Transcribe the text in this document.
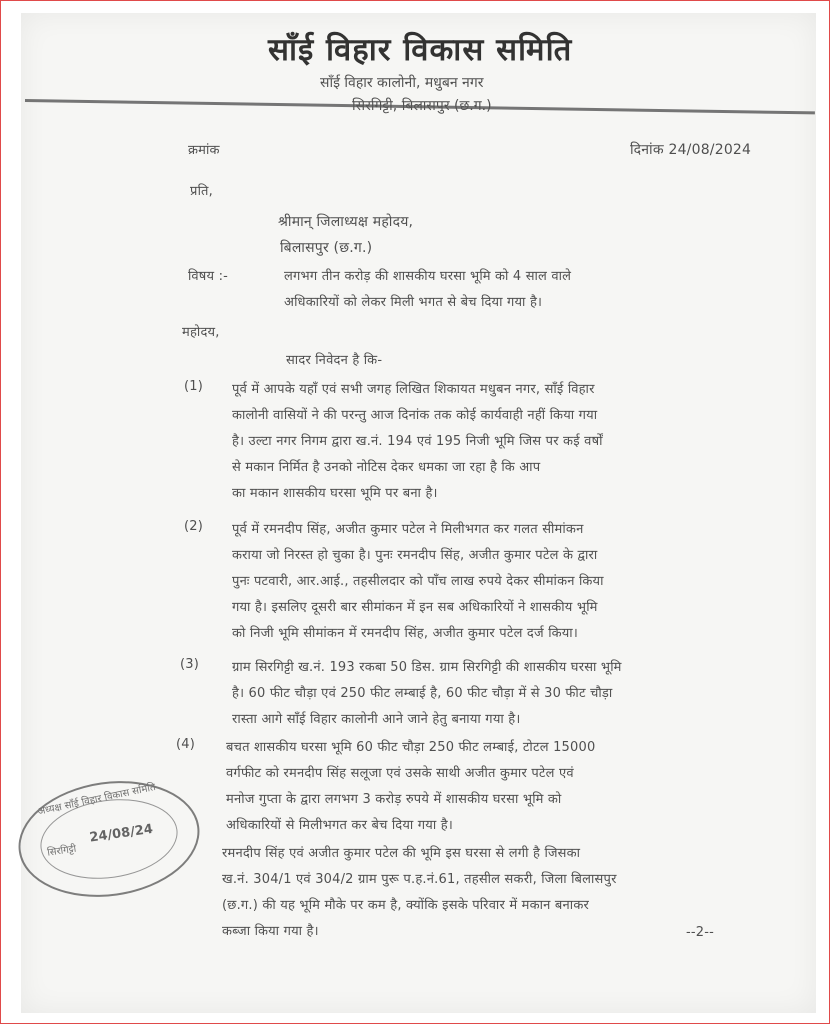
साँई विहार विकास समिति
साँई विहार कालोनी, मधुबन नगर
क्रमांक	दिनांक 24/08/2024
प्रति,
श्रीमान् जिलाध्यक्ष महोदय,
बिलासपुर (छ.ग.)
विषय :-	लगभग तीन करोड़ की शासकीय घरसा भूमि को 4 साल वाले
अधिकारियों को लेकर मिली भगत से बेच दिया गया है।
महोदय,
सादर निवेदन है कि-
(1) पूर्व में आपके यहाँ एवं सभी जगह लिखित शिकायत मधुबन नगर, साँई विहार
कालोनी वासियों ने की परन्तु आज दिनांक तक कोई कार्यवाही नहीं किया गया
है। उल्टा नगर निगम द्वारा ख.नं. 194 एवं 195 निजी भूमि जिस पर कई वर्षों
से मकान निर्मित है उनको नोटिस देकर धमका जा रहा है कि आप
का मकान शासकीय घरसा भूमि पर बना है।
(2) पूर्व में रमनदीप सिंह, अजीत कुमार पटेल ने मिलीभगत कर गलत सीमांकन
कराया जो निरस्त हो चुका है। पुनः रमनदीप सिंह, अजीत कुमार पटेल के द्वारा
पुनः पटवारी, आर.आई., तहसीलदार को पाँच लाख रुपये देकर सीमांकन किया
गया है। इसलिए दूसरी बार सीमांकन में इन सब अधिकारियों ने शासकीय भूमि
को निजी भूमि सीमांकन में रमनदीप सिंह, अजीत कुमार पटेल दर्ज किया।
(3)	ग्राम सिरगिट्टी ख.नं. 193 रकबा 50 डिस. ग्राम सिरगिट्टी की शासकीय घरसा भूमि
है। 60 फीट चौड़ा एवं 250 फीट लम्बाई है, 60 फीट चौड़ा में से 30 फीट चौड़ा
रास्ता आगे साँई विहार कालोनी आने जाने हेतु बनाया गया है।
(4) बचत शासकीय घरसा भूमि 60 फीट चौड़ा 250 फीट लम्बाई, टोटल 15000
वर्गफीट को रमनदीप सिंह सलूजा एवं उसके साथी अजीत कुमार पटेल एवं
मनोज गुप्ता के द्वारा लगभग 3 करोड़ रुपये में शासकीय घरसा भूमि को
अधिकारियों से मिलीभगत कर बेच दिया गया है।
रमनदीप सिंह एवं अजीत कुमार पटेल की भूमि इस घरसा से लगी है जिसका
ख.नं. 304/1 एवं 304/2 ग्राम पुरू प.ह.नं.61, तहसील सकरी, जिला बिलासपुर
(छ.ग.) की यह भूमि मौके पर कम है, क्योंकि इसके परिवार में मकान बनाकर
कब्जा किया गया है।	--2--
अध्यक्ष साँई विहार विकास समिति
24/08/24
सिरगिट्टी
